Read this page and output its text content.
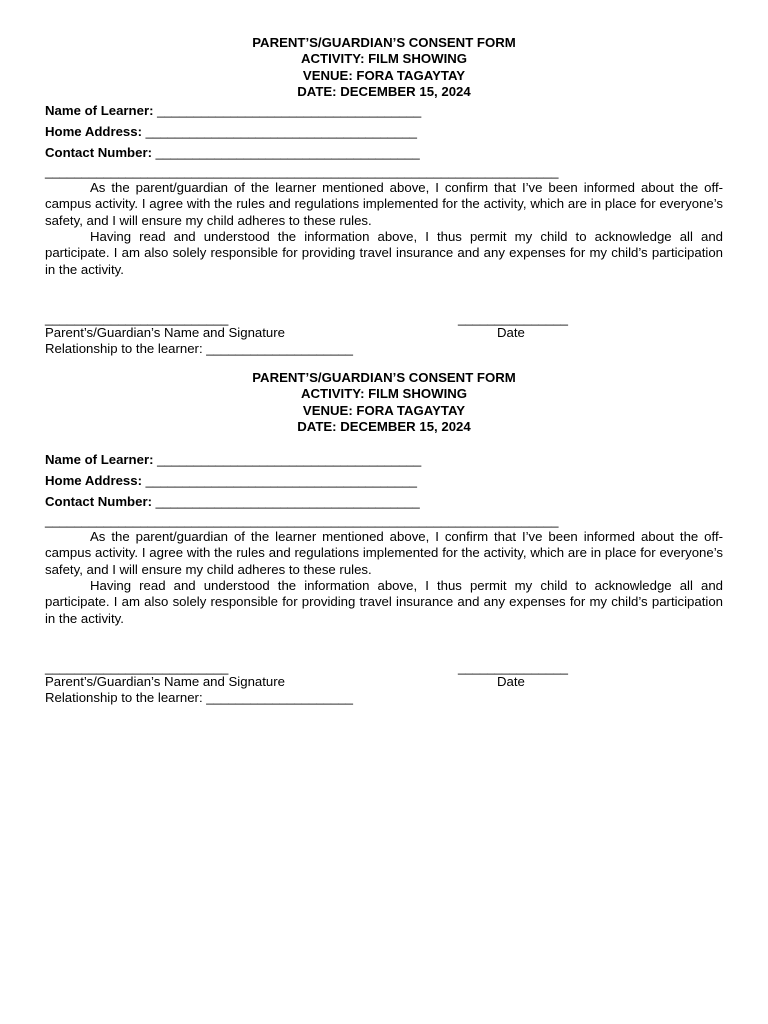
PARENT’S/GUARDIAN’S CONSENT FORM
ACTIVITY: FILM SHOWING
VENUE: FORA TAGAYTAY
DATE: DECEMBER 15, 2024
Name of Learner: ____________________________________
Home Address: _____________________________________
Contact Number: ____________________________________
______________________________________________________________________

As the parent/guardian of the learner mentioned above, I confirm that I’ve been informed about the off-campus activity. I agree with the rules and regulations implemented for the activity, which are in place for everyone’s safety, and I will ensure my child adheres to these rules.

Having read and understood the information above, I thus permit my child to acknowledge all and participate. I am also solely responsible for providing travel insurance and any expenses for my child’s participation in the activity.

_________________________	_______________
Parent’s/Guardian’s Name and Signature	Date
Relationship to the learner: ____________________
PARENT’S/GUARDIAN’S CONSENT FORM
ACTIVITY: FILM SHOWING
VENUE: FORA TAGAYTAY
DATE: DECEMBER 15, 2024
Name of Learner: ____________________________________
Home Address: _____________________________________
Contact Number: ____________________________________
______________________________________________________________________

As the parent/guardian of the learner mentioned above, I confirm that I’ve been informed about the off-campus activity. I agree with the rules and regulations implemented for the activity, which are in place for everyone’s safety, and I will ensure my child adheres to these rules.

Having read and understood the information above, I thus permit my child to acknowledge all and participate. I am also solely responsible for providing travel insurance and any expenses for my child’s participation in the activity.

_________________________	_______________
Parent’s/Guardian’s Name and Signature	Date
Relationship to the learner: ____________________
